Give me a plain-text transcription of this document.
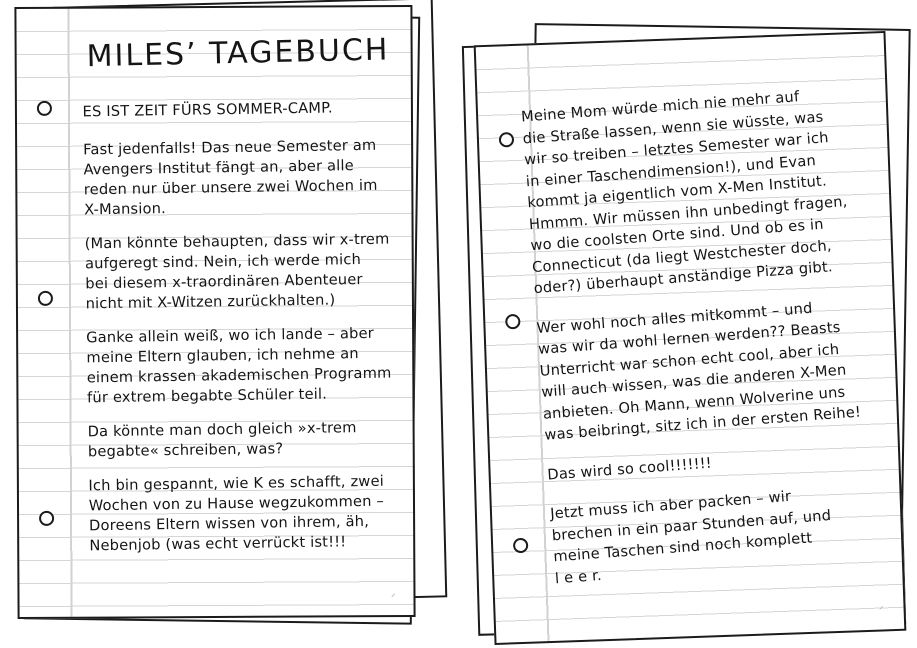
MILES’ TAGEBUCH

ES IST ZEIT FÜRS SOMMER-CAMP.

Fast jedenfalls! Das neue Semester am
Avengers Institut fängt an, aber alle
reden nur über unsere zwei Wochen im
X-Mansion.

(Man könnte behaupten, dass wir x-trem
aufgeregt sind. Nein, ich werde mich
bei diesem x-traordinären Abenteuer
nicht mit X-Witzen zurückhalten.)

Ganke allein weiß, wo ich lande – aber
meine Eltern glauben, ich nehme an
einem krassen akademischen Programm
für extrem begabte Schüler teil.

Da könnte man doch gleich »x-trem
begabte« schreiben, was?

Ich bin gespannt, wie K es schafft, zwei
Wochen von zu Hause wegzukommen –
Doreens Eltern wissen von ihrem, äh,
Nebenjob (was echt verrückt ist!!!

⸍

Meine Mom würde mich nie mehr auf
die Straße lassen, wenn sie wüsste, was
wir so treiben – letztes Semester war ich
in einer Taschendimension!), und Evan
kommt ja eigentlich vom X-Men Institut.
Hmmm. Wir müssen ihn unbedingt fragen,
wo die coolsten Orte sind. Und ob es in
Connecticut (da liegt Westchester doch,
oder?) überhaupt anständige Pizza gibt.

Wer wohl noch alles mitkommt – und
was wir da wohl lernen werden?? Beasts
Unterricht war schon echt cool, aber ich
will auch wissen, was die anderen X-Men
anbieten. Oh Mann, wenn Wolverine uns
was beibringt, sitz ich in der ersten Reihe!

Das wird so cool!!!!!!!

Jetzt muss ich aber packen – wir
brechen in ein paar Stunden auf, und
meine Taschen sind noch komplett
l e e r.

⸍
